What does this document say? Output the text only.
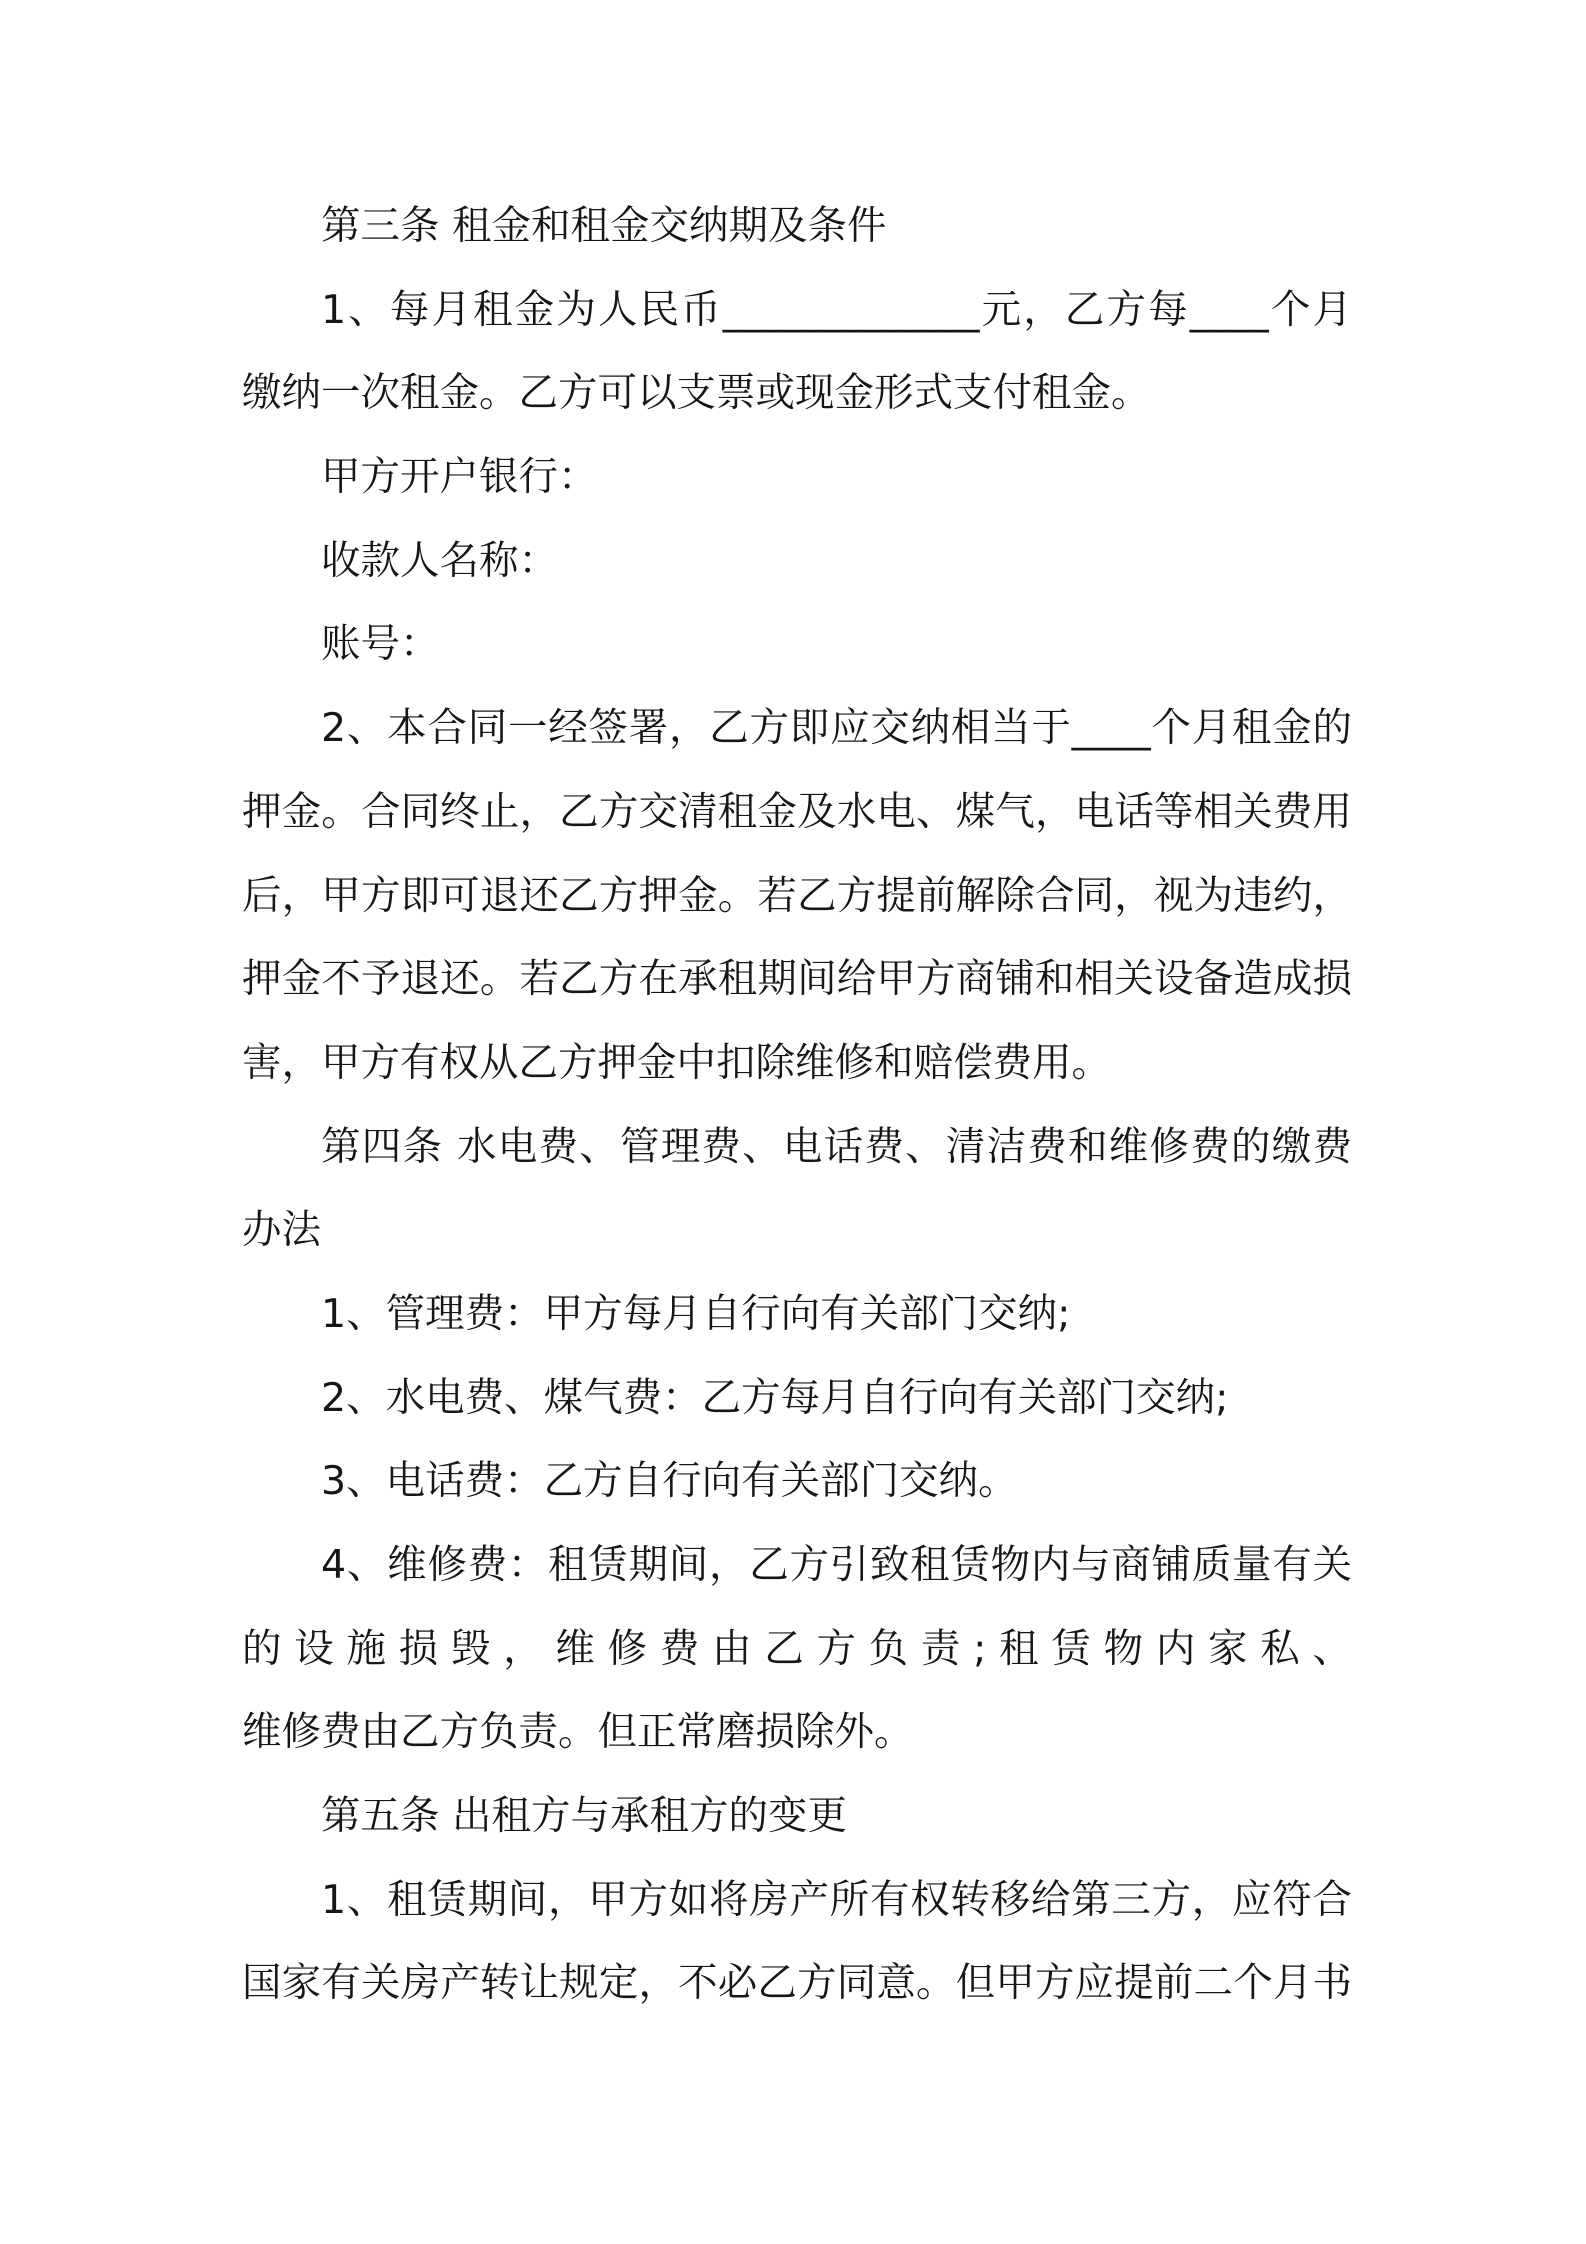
第三条 租金和租金交纳期及条件
1、每月租金为人民币_____________元，乙方每____个月
缴纳一次租金。乙方可以支票或现金形式支付租金。
甲方开户银行：
收款人名称：
账号：
2、本合同一经签署，乙方即应交纳相当于____个月租金的
押金。合同终止，乙方交清租金及水电、煤气，电话等相关费用
后，甲方即可退还乙方押金。若乙方提前解除合同，视为违约，
押金不予退还。若乙方在承租期间给甲方商铺和相关设备造成损
害，甲方有权从乙方押金中扣除维修和赔偿费用。
第四条 水电费、管理费、电话费、清洁费和维修费的缴费
办法
1、管理费：甲方每月自行向有关部门交纳;
2、水电费、煤气费：乙方每月自行向有关部门交纳;
3、电话费：乙方自行向有关部门交纳。
4、维修费：租赁期间，乙方引致租赁物内与商铺质量有关
的设施损毁，维修费由乙方负责;租赁物内家私、
维修费由乙方负责。但正常磨损除外。
第五条 出租方与承租方的变更
1、租赁期间，甲方如将房产所有权转移给第三方，应符合
国家有关房产转让规定，不必乙方同意。但甲方应提前二个月书
